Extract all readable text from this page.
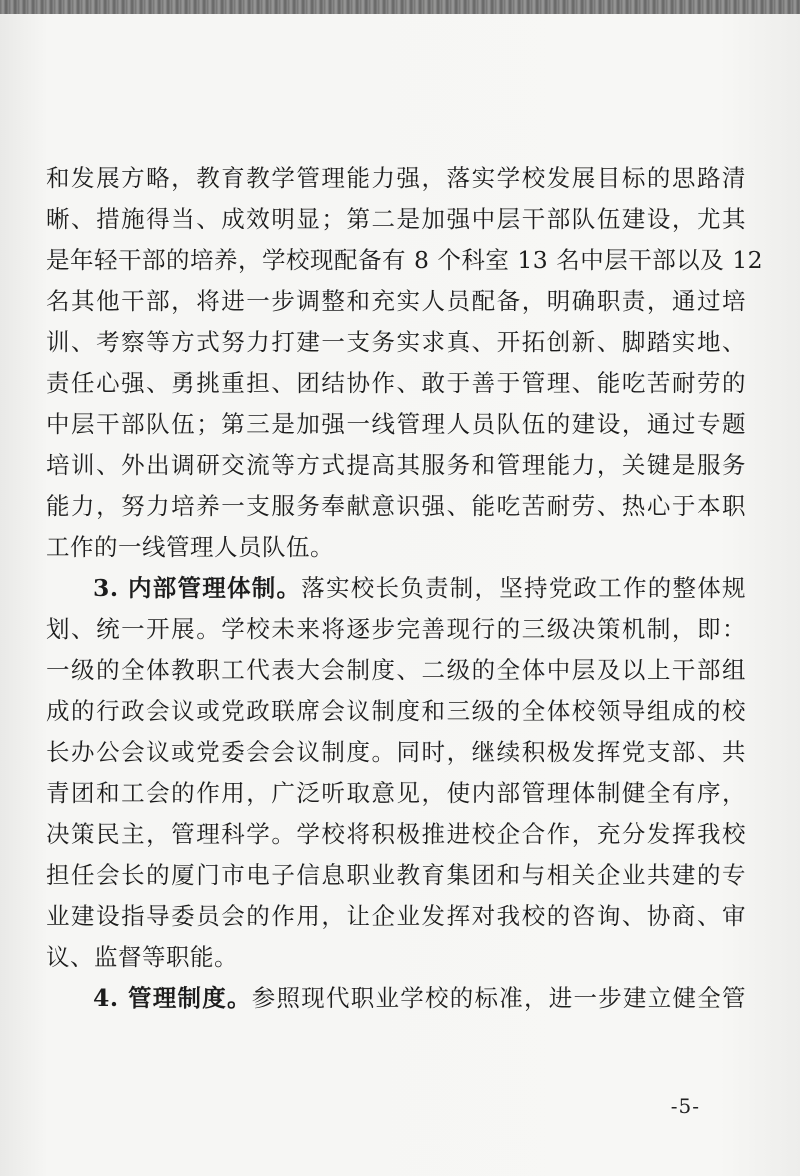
和发展方略，教育教学管理能力强，落实学校发展目标的思路清
晰、措施得当、成效明显；第二是加强中层干部队伍建设，尤其
是年轻干部的培养，学校现配备有 8 个科室 13 名中层干部以及 12
名其他干部，将进一步调整和充实人员配备，明确职责，通过培
训、考察等方式努力打建一支务实求真、开拓创新、脚踏实地、
责任心强、勇挑重担、团结协作、敢于善于管理、能吃苦耐劳的
中层干部队伍；第三是加强一线管理人员队伍的建设，通过专题
培训、外出调研交流等方式提高其服务和管理能力，关键是服务
能力，努力培养一支服务奉献意识强、能吃苦耐劳、热心于本职
工作的一线管理人员队伍。
3. 内部管理体制。落实校长负责制，坚持党政工作的整体规
划、统一开展。学校未来将逐步完善现行的三级决策机制，即：
一级的全体教职工代表大会制度、二级的全体中层及以上干部组
成的行政会议或党政联席会议制度和三级的全体校领导组成的校
长办公会议或党委会会议制度。同时，继续积极发挥党支部、共
青团和工会的作用，广泛听取意见，使内部管理体制健全有序，
决策民主，管理科学。学校将积极推进校企合作，充分发挥我校
担任会长的厦门市电子信息职业教育集团和与相关企业共建的专
业建设指导委员会的作用，让企业发挥对我校的咨询、协商、审
议、监督等职能。
4. 管理制度。参照现代职业学校的标准，进一步建立健全管
-5-
